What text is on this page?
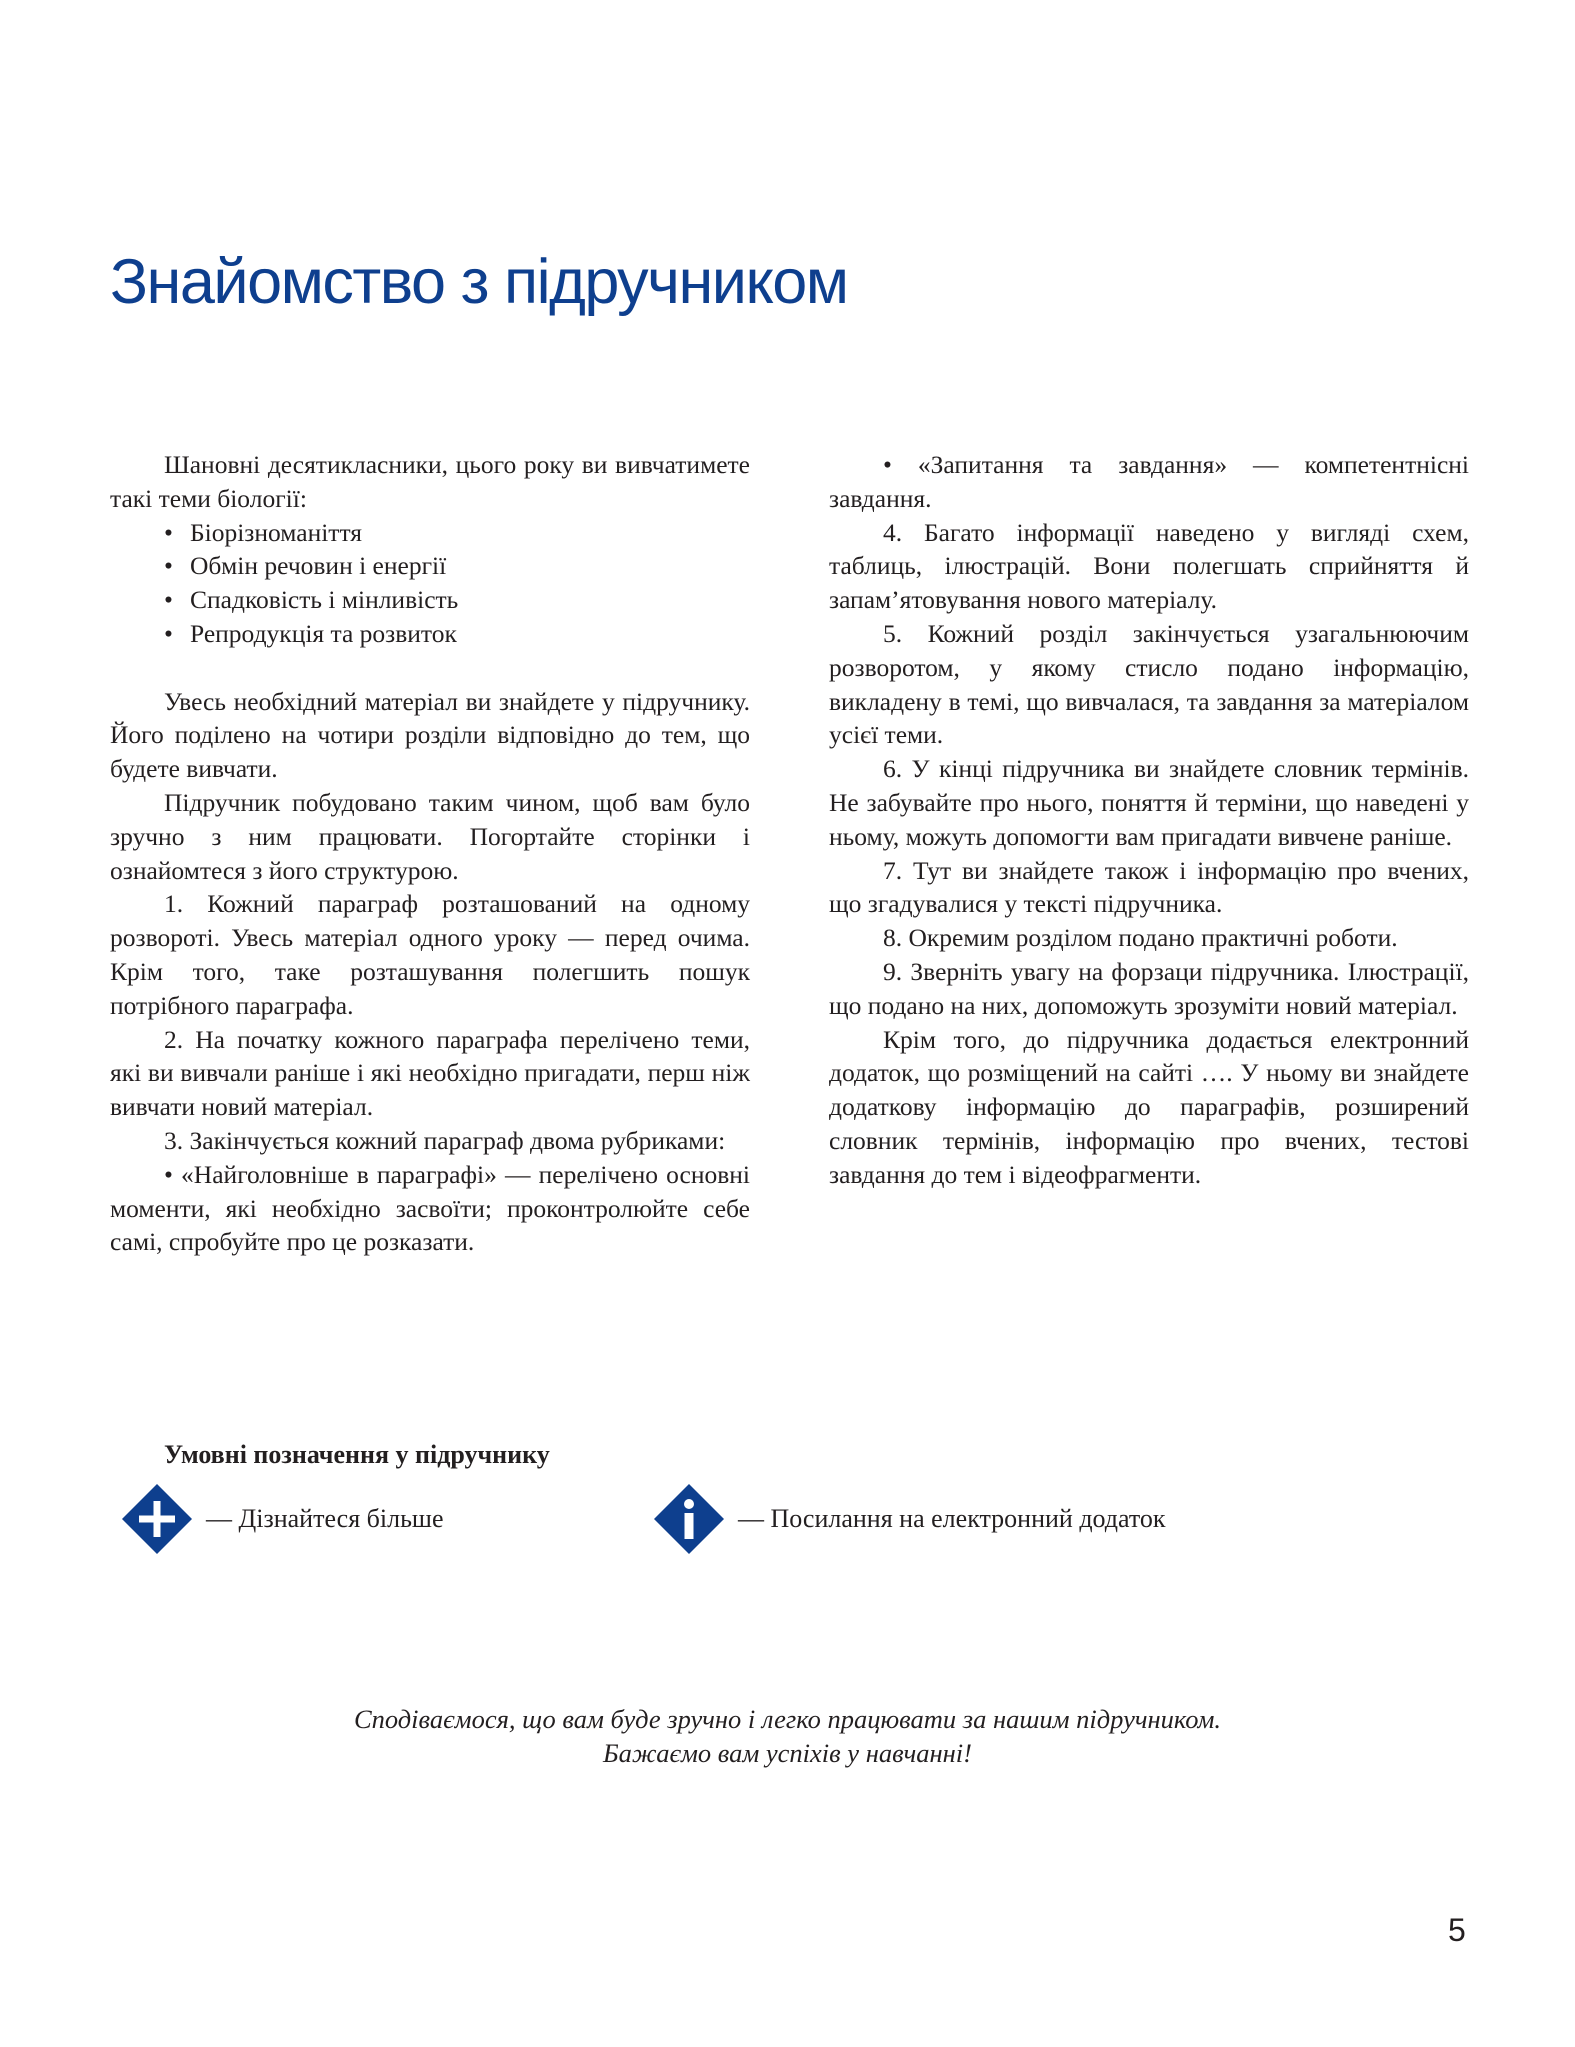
Знайомство з підручником

Шановні десятикласники, цього року ви вивчатимете такі теми біології:

• Біорізноманіття
• Обмін речовин і енергії
• Спадковість і мінливість
• Репродукція та розвиток

Увесь необхідний матеріал ви знайдете у підручнику. Його поділено на чотири розділи відповідно до тем, що будете вивчати.

Підручник побудовано таким чином, щоб вам було зручно з ним працювати. Погортайте сторінки і ознайомтеся з його структурою.

1. Кожний параграф розташований на одному розвороті. Увесь матеріал одного уроку — перед очима. Крім того, таке розташування полегшить пошук потрібного параграфа.

2. На початку кожного параграфа перелічено теми, які ви вивчали раніше і які необхідно пригадати, перш ніж вивчати новий матеріал.

3. Закінчується кожний параграф двома рубриками:

• «Найголовніше в параграфі» — перелічено основні моменти, які необхідно засвоїти; проконтролюйте себе самі, спробуйте про це розказати.

• «Запитання та завдання» — компетентнісні завдання.

4. Багато інформації наведено у вигляді схем, таблиць, ілюстрацій. Вони полегшать сприйняття й запам’ятовування нового матеріалу.

5. Кожний розділ закінчується узагальнюючим розворотом, у якому стисло подано інформацію, викладену в темі, що вивчалася, та завдання за матеріалом усієї теми.

6. У кінці підручника ви знайдете словник термінів. Не забувайте про нього, поняття й терміни, що наведені у ньому, можуть допомогти вам пригадати вивчене раніше.

7. Тут ви знайдете також і інформацію про вчених, що згадувалися у тексті підручника.

8. Окремим розділом подано практичні роботи.

9. Зверніть увагу на форзаци підручника. Ілюстрації, що подано на них, допоможуть зрозуміти новий матеріал.

Крім того, до підручника додається електронний додаток, що розміщений на сайті …. У ньому ви знайдете додаткову інформацію до параграфів, розширений словник термінів, інформацію про вчених, тестові завдання до тем і відеофрагменти.

Умовні позначення у підручнику
— Дізнайтеся більше	— Посилання на електронний додаток

Сподіваємося, що вам буде зручно і легко працювати за нашим підручником.
Бажаємо вам успіхів у навчанні!

5
